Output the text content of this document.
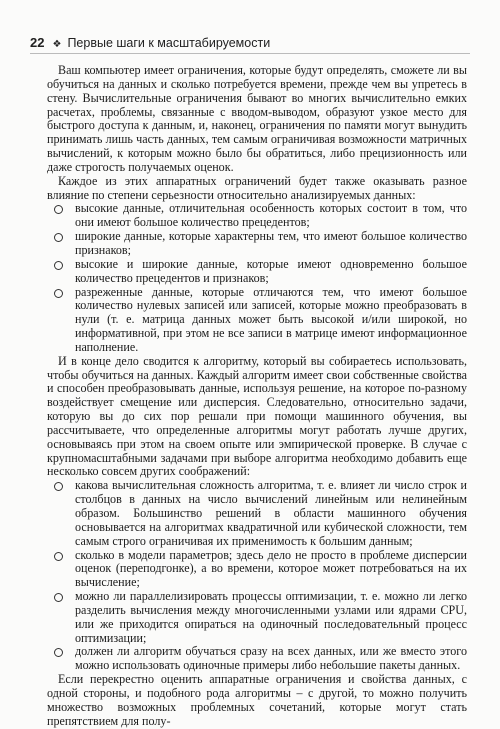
22 ❖ Первые шаги к масштабируемости

Ваш компьютер имеет ограничения, которые будут определять, сможете ли вы обучиться на данных и сколько потребуется времени, прежде чем вы упретесь в стену. Вычислительные ограничения бывают во многих вычислительно емких расчетах, проблемы, связанные с вводом-выводом, образуют узкое место для быстрого доступа к данным, и, наконец, ограничения по памяти могут вынудить принимать лишь часть данных, тем самым ограничивая возможности матричных вычислений, к которым можно было бы обратиться, либо прецизионность или даже строгость получаемых оценок.

Каждое из этих аппаратных ограничений будет также оказывать разное влияние по степени серьезности относительно анализируемых данных:

высокие данные, отличительная особенность которых состоит в том, что они имеют большое количество прецедентов;
широкие данные, которые характерны тем, что имеют большое количество признаков;
высокие и широкие данные, которые имеют одновременно большое количество прецедентов и признаков;
разреженные данные, которые отличаются тем, что имеют большое количество нулевых записей или записей, которые можно преобразовать в нули (т. е. матрица данных может быть высокой и/или широкой, но информативной, при этом не все записи в матрице имеют информационное наполнение.

И в конце дело сводится к алгоритму, который вы собираетесь использовать, чтобы обучиться на данных. Каждый алгоритм имеет свои собственные свойства и способен преобразовывать данные, используя решение, на которое по-разному воздействует смещение или дисперсия. Следовательно, относительно задачи, которую вы до сих пор решали при помощи машинного обучения, вы рассчитываете, что определенные алгоритмы могут работать лучше других, основываясь при этом на своем опыте или эмпирической проверке. В случае с крупномасштабными задачами при выборе алгоритма необходимо добавить еще несколько совсем других соображений:

какова вычислительная сложность алгоритма, т. е. влияет ли число строк и столбцов в данных на число вычислений линейным или нелинейным образом. Большинство решений в области машинного обучения основывается на алгоритмах квадратичной или кубической сложности, тем самым строго ограничивая их применимость к большим данным;
сколько в модели параметров; здесь дело не просто в проблеме дисперсии оценок (переподгонке), а во времени, которое может потребоваться на их вычисление;
можно ли параллелизировать процессы оптимизации, т. е. можно ли легко разделить вычисления между многочисленными узлами или ядрами CPU, или же приходится опираться на одиночный последовательный процесс оптимизации;
должен ли алгоритм обучаться сразу на всех данных, или же вместо этого можно использовать одиночные примеры либо небольшие пакеты данных.

Если перекрестно оценить аппаратные ограничения и свойства данных, с одной стороны, и подобного рода алгоритмы – с другой, то можно получить множество возможных проблемных сочетаний, которые могут стать препятствием для полу-
